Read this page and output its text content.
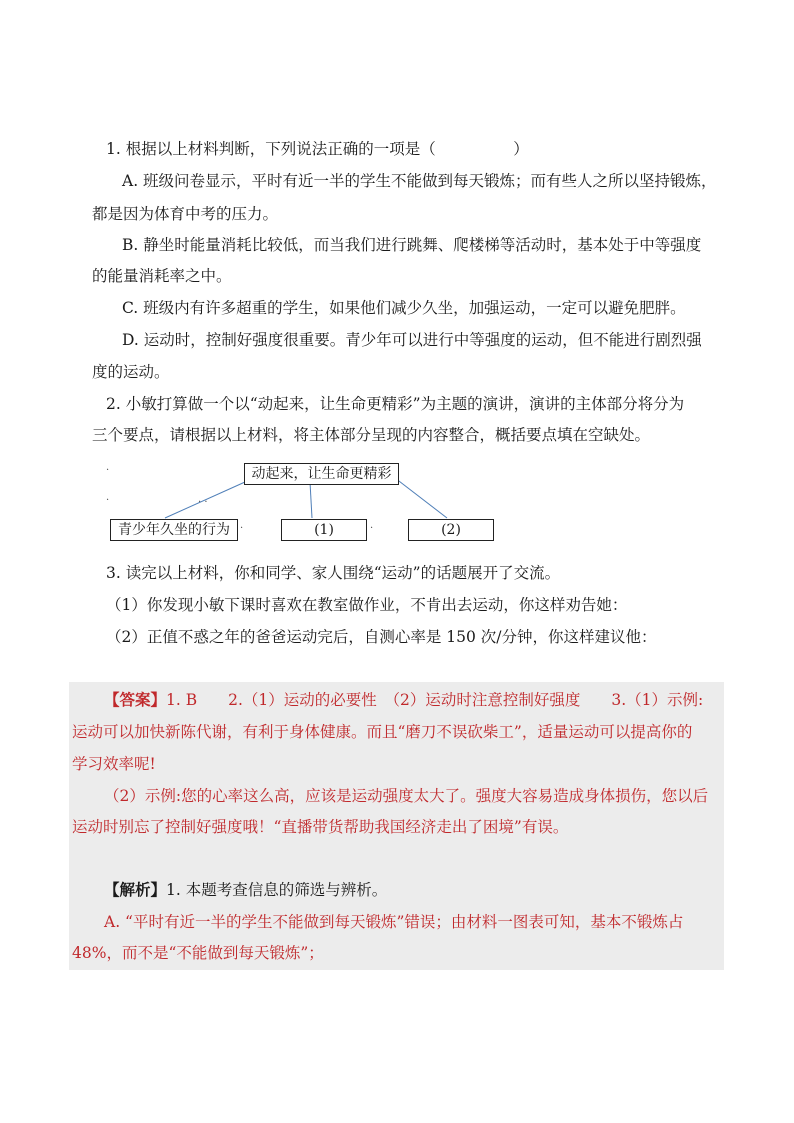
1. 根据以上材料判断，下列说法正确的一项是（　　　　　）
A. 班级问卷显示，平时有近一半的学生不能做到每天锻炼；而有些人之所以坚持锻炼，
都是因为体育中考的压力。
B. 静坐时能量消耗比较低，而当我们进行跳舞、爬楼梯等活动时，基本处于中等强度
的能量消耗率之中。
C. 班级内有许多超重的学生，如果他们减少久坐，加强运动，一定可以避免肥胖。
D. 运动时，控制好强度很重要。青少年可以进行中等强度的运动，但不能进行剧烈强
度的运动。
2. 小敏打算做一个以“动起来，让生命更精彩”为主题的演讲，演讲的主体部分将分为
三个要点，请根据以上材料，将主体部分呈现的内容整合，概括要点填在空缺处。
动起来，让生命更精彩
青少年久坐的行为	(1)	(2)
·
·	· ·
·	·
3. 读完以上材料，你和同学、家人围绕“运动”的话题展开了交流。
（1）你发现小敏下课时喜欢在教室做作业，不肯出去运动，你这样劝告她：
（2）正值不惑之年的爸爸运动完后，自测心率是 150 次/分钟，你这样建议他：
【答案】1. B　　2.（1）运动的必要性　（2）运动时注意控制好强度　　3.（1）示例:
运动可以加快新陈代谢，有利于身体健康。而且“磨刀不误砍柴工”，适量运动可以提高你的
学习效率呢!
（2）示例:您的心率这么高，应该是运动强度太大了。强度大容易造成身体损伤，您以后
运动时别忘了控制好强度哦！“直播带货帮助我国经济走出了困境”有误。
【解析】1. 本题考查信息的筛选与辨析。
A. “平时有近一半的学生不能做到每天锻炼”错误；由材料一图表可知，基本不锻炼占
48%，而不是“不能做到每天锻炼”；
